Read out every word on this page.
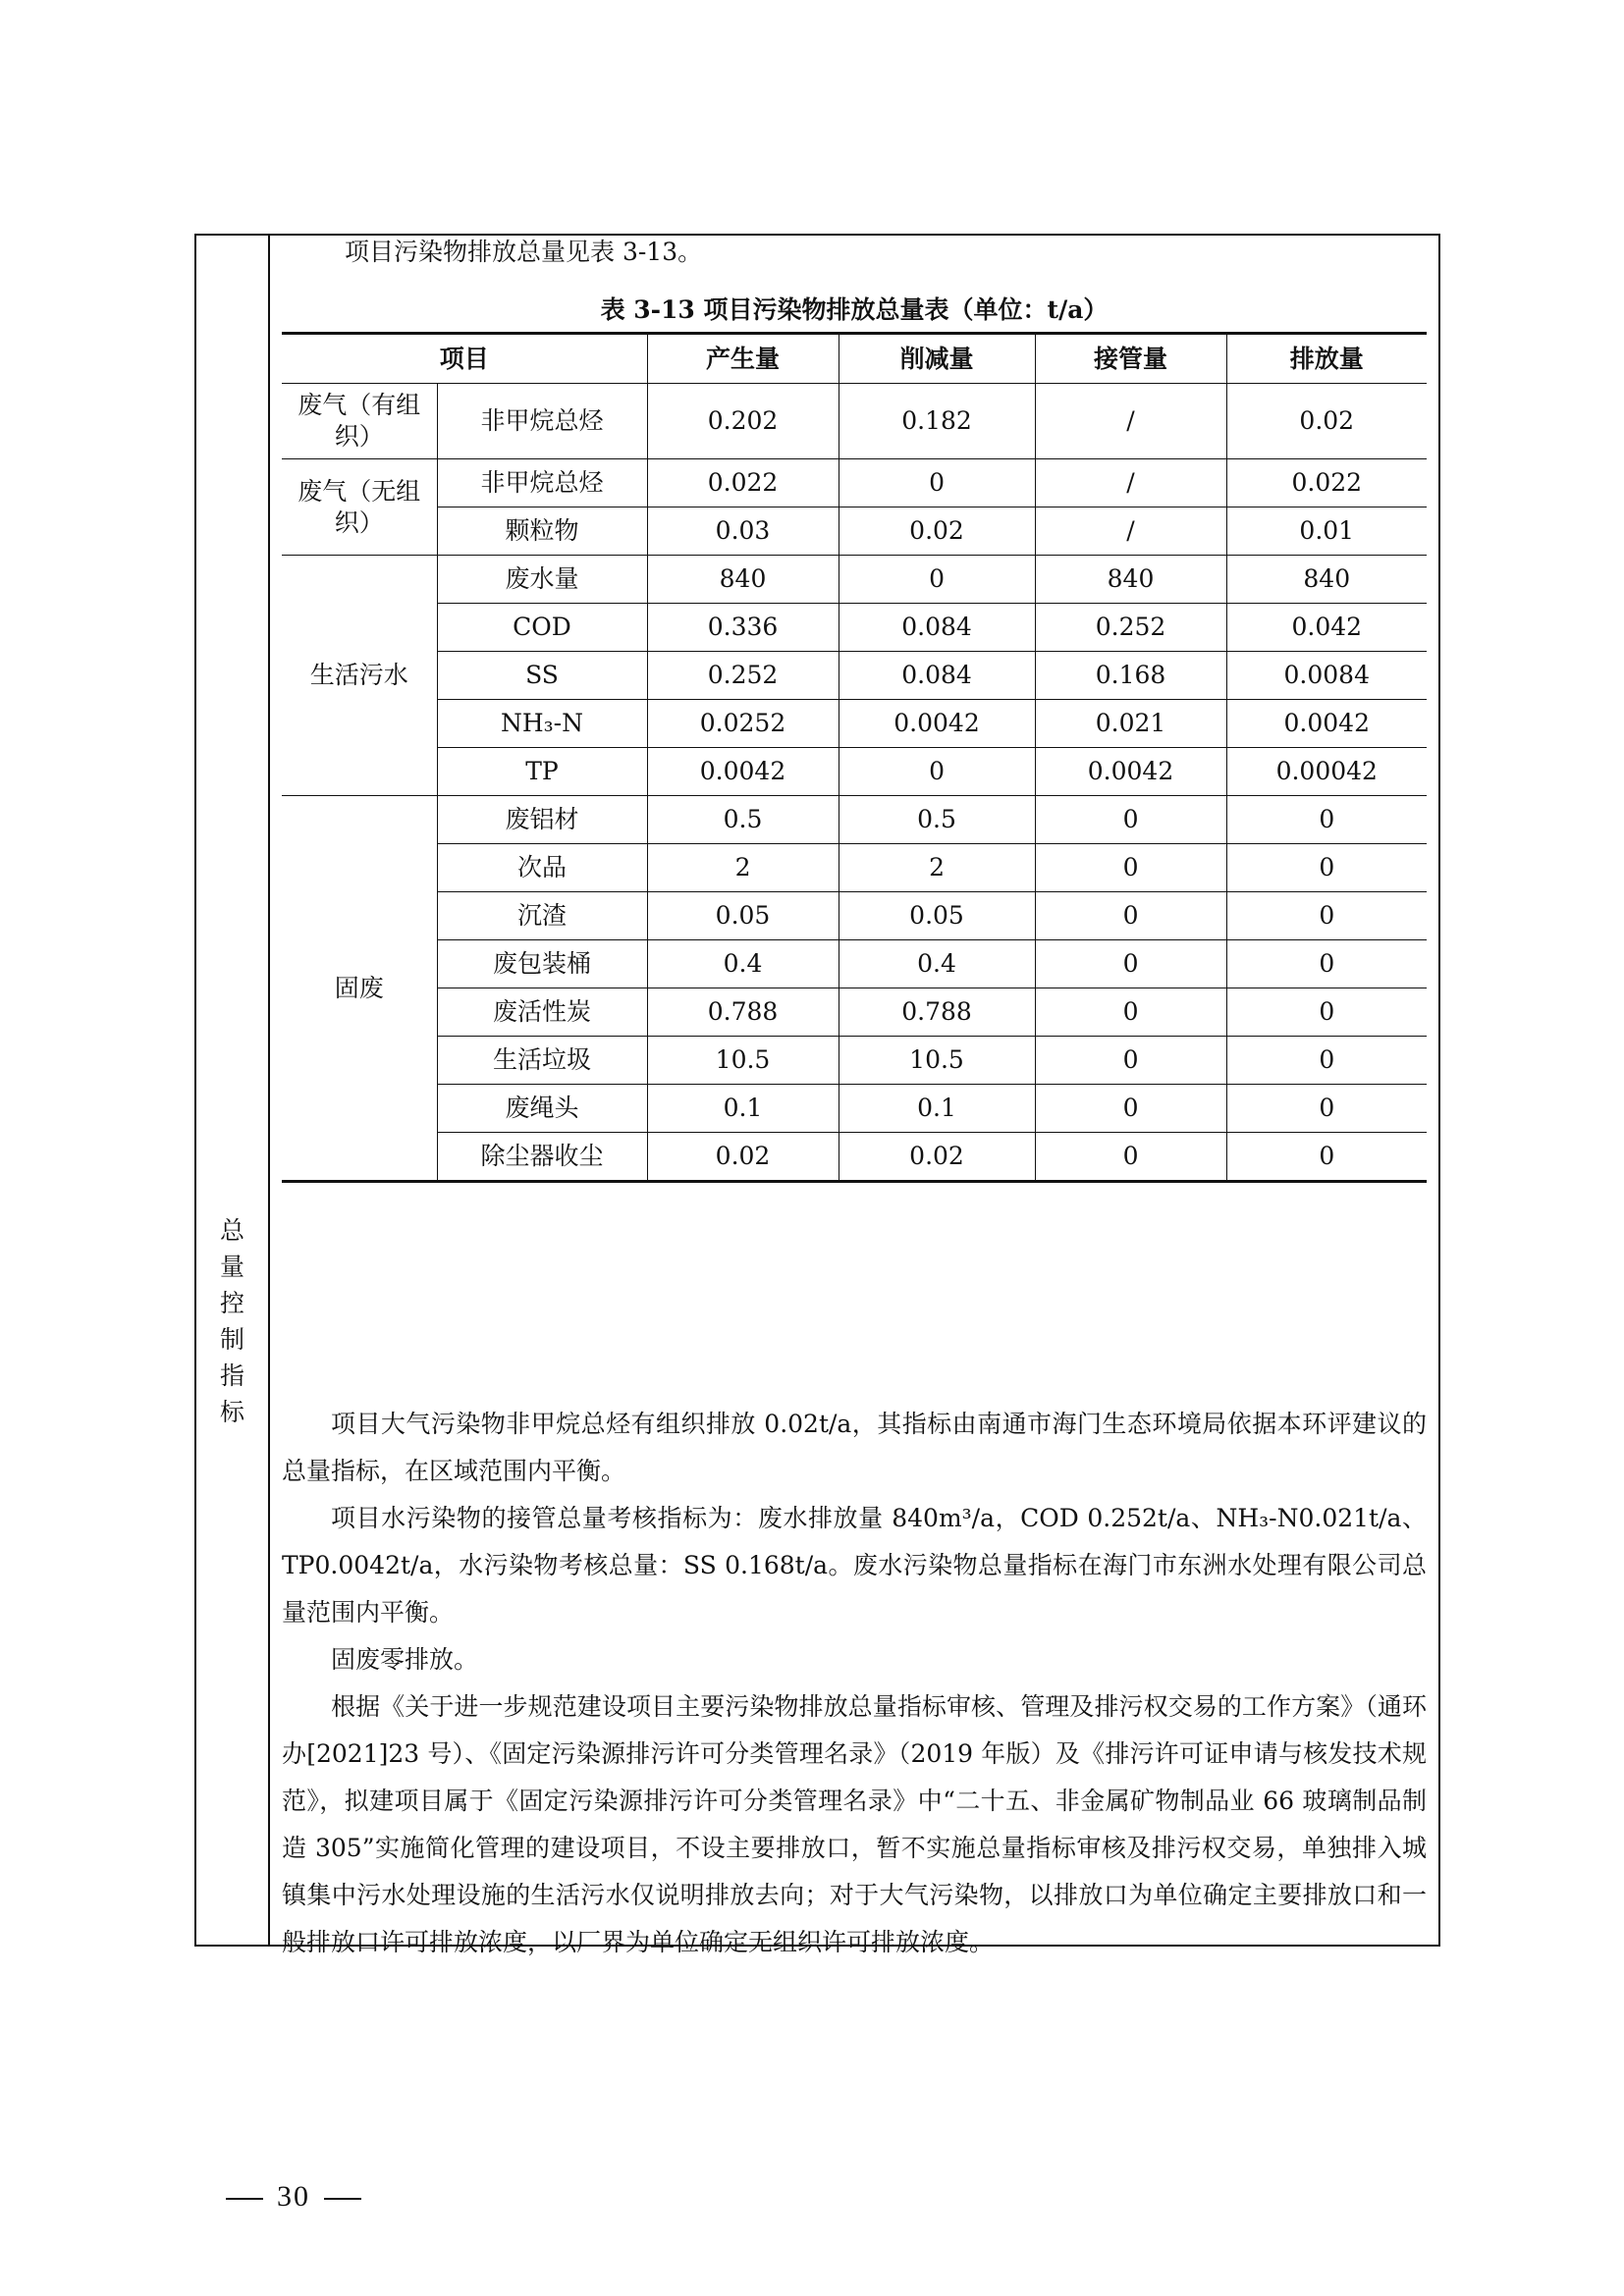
总
量
控
制
指
标
项目污染物排放总量见表 3-13。
表 3-13 项目污染物排放总量表（单位：t/a）
项目		产生量	削减量	接管量	排放量
废气（有组织）	非甲烷总烃	0.202	0.182	/	0.02
废气（无组织）	非甲烷总烃	0.022	0	/	0.022
	颗粒物	0.03	0.02	/	0.01
生活污水	废水量	840	0	840	840
	COD	0.336	0.084	0.252	0.042
	SS	0.252	0.084	0.168	0.0084
	NH₃-N	0.0252	0.0042	0.021	0.0042
	TP	0.0042	0	0.0042	0.00042
固废	废铝材	0.5	0.5	0	0
	次品	2	2	0	0
	沉渣	0.05	0.05	0	0
	废包装桶	0.4	0.4	0	0
	废活性炭	0.788	0.788	0	0
	生活垃圾	10.5	10.5	0	0
	废绳头	0.1	0.1	0	0
	除尘器收尘	0.02	0.02	0	0

项目大气污染物非甲烷总烃有组织排放 0.02t/a，其指标由南通市海门生态环境局依据本环评建议的总量指标，在区域范围内平衡。

项目水污染物的接管总量考核指标为：废水排放量 840m³/a，COD 0.252t/a、NH₃-N0.021t/a、TP0.0042t/a，水污染物考核总量：SS 0.168t/a。废水污染物总量指标在海门市东洲水处理有限公司总量范围内平衡。

固废零排放。

根据《关于进一步规范建设项目主要污染物排放总量指标审核、管理及排污权交易的工作方案》（通环办[2021]23 号）、《固定污染源排污许可分类管理名录》（2019 年版）及《排污许可证申请与核发技术规范》，拟建项目属于《固定污染源排污许可分类管理名录》中“二十五、非金属矿物制品业 66 玻璃制品制造 305”实施简化管理的建设项目，不设主要排放口，暂不实施总量指标审核及排污权交易，单独排入城镇集中污水处理设施的生活污水仅说明排放去向；对于大气污染物，以排放口为单位确定主要排放口和一般排放口许可排放浓度，以厂界为单位确定无组织许可排放浓度。

30
